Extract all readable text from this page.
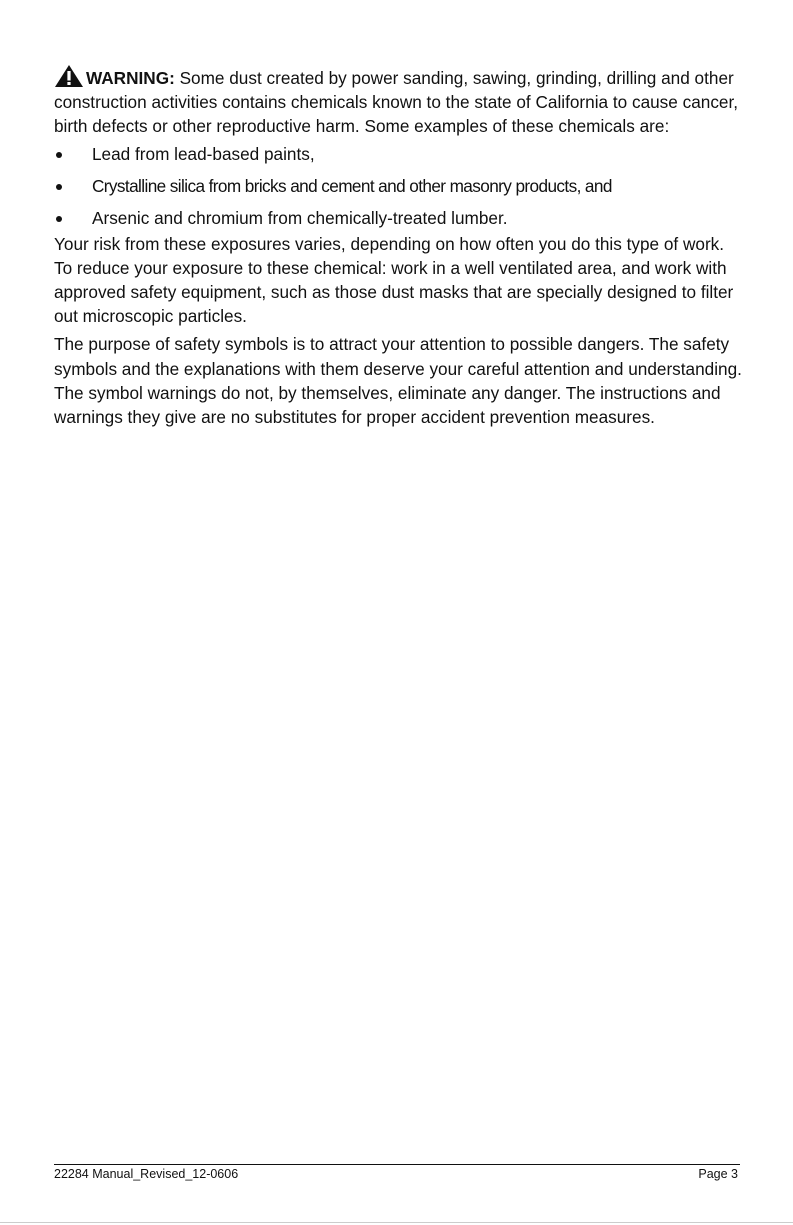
WARNING: Some dust created by power sanding, sawing, grinding, drilling and other construction activities contains chemicals known to the state of California to cause cancer, birth defects or other reproductive harm. Some examples of these chemicals are:

Lead from lead-based paints,
Crystalline silica from bricks and cement and other masonry products, and
Arsenic and chromium from chemically-treated lumber.

Your risk from these exposures varies, depending on how often you do this type of work. To reduce your exposure to these chemical: work in a well ventilated area, and work with approved safety equipment, such as those dust masks that are specially designed to filter out microscopic particles.

The purpose of safety symbols is to attract your attention to possible dangers. The safety symbols and the explanations with them deserve your careful attention and understanding. The symbol warnings do not, by themselves, eliminate any danger. The instructions and warnings they give are no substitutes for proper accident prevention measures.

22284 Manual_Revised_12-0606	Page 3
